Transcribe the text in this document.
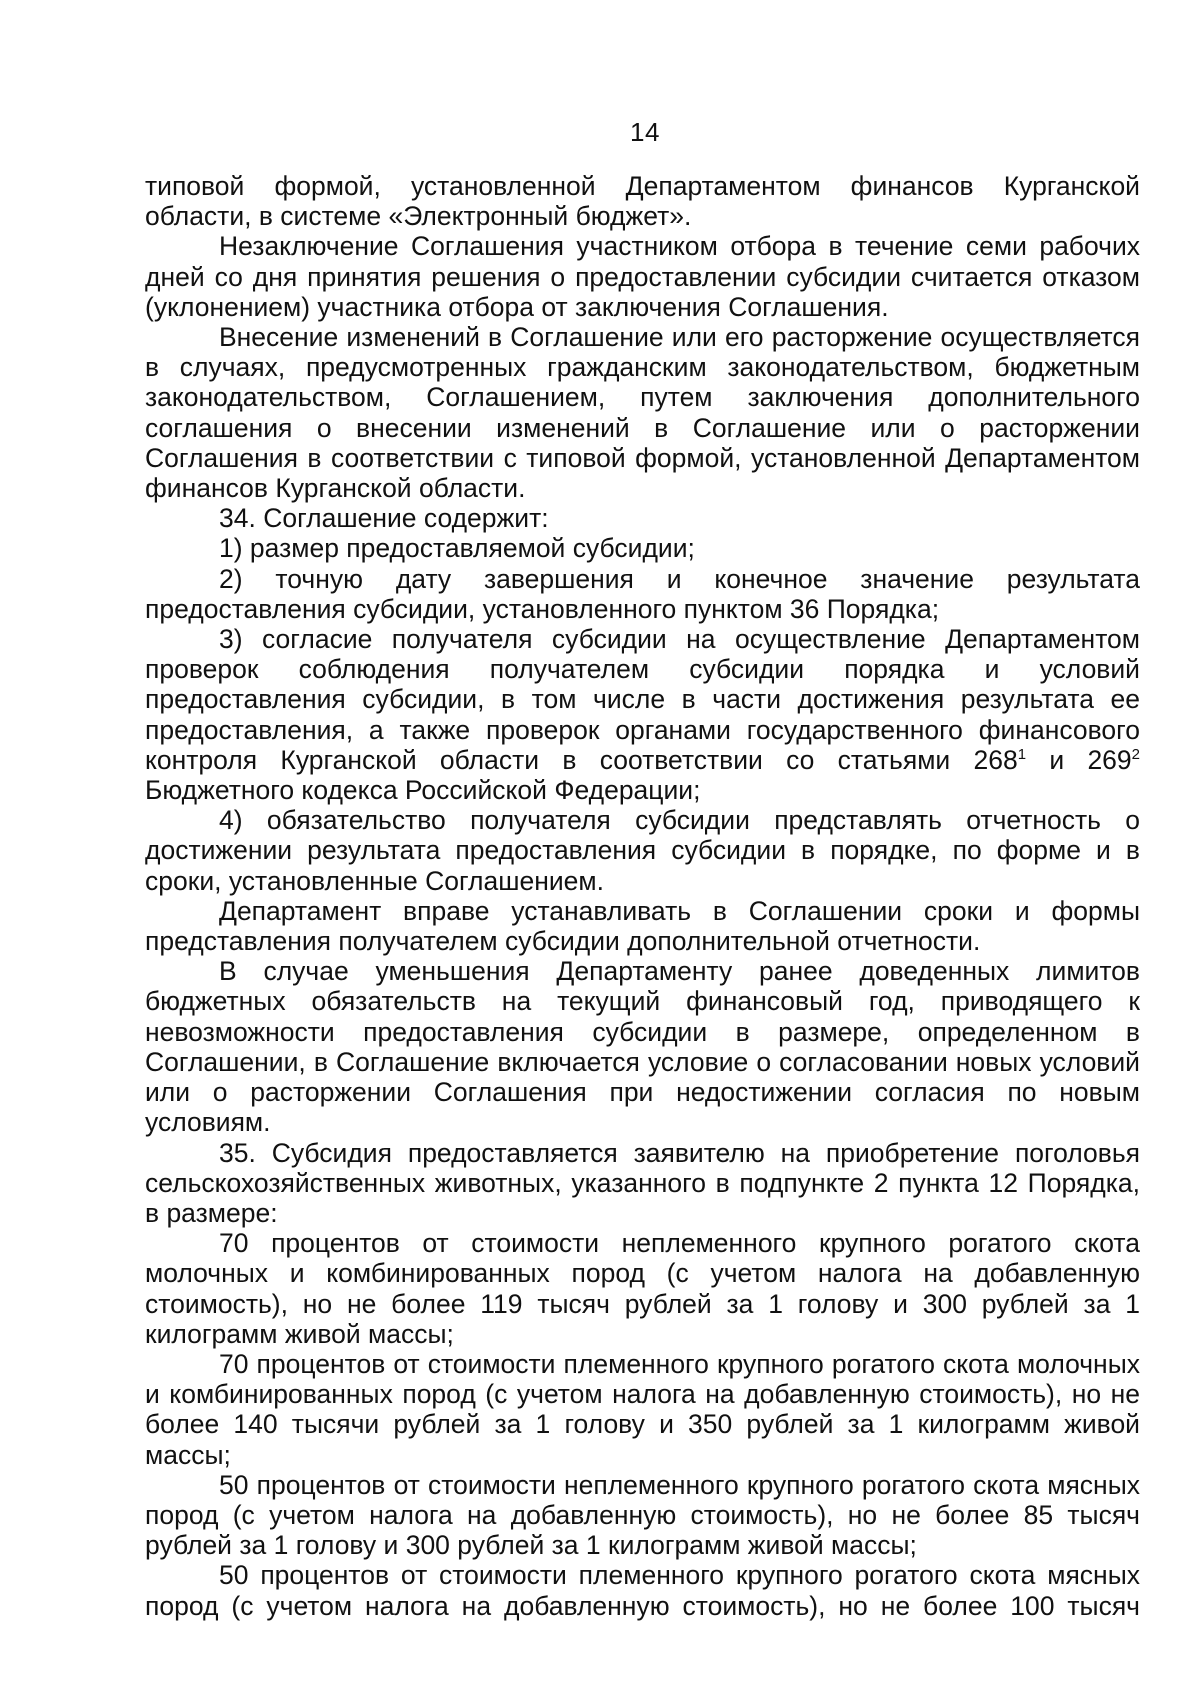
14

типовой формой, установленной Департаментом финансов Курганской области, в системе «Электронный бюджет».

Незаключение Соглашения участником отбора в течение семи рабочих дней со дня принятия решения о предоставлении субсидии считается отказом (уклонением) участника отбора от заключения Соглашения.

Внесение изменений в Соглашение или его расторжение осуществляется в случаях, предусмотренных гражданским законодательством, бюджетным законодательством, Соглашением, путем заключения дополнительного соглашения о внесении изменений в Соглашение или о расторжении Соглашения в соответствии с типовой формой, установленной Департаментом финансов Курганской области.

34. Соглашение содержит:

1) размер предоставляемой субсидии;

2) точную дату завершения и конечное значение результата предоставления субсидии, установленного пунктом 36 Порядка;

3) согласие получателя субсидии на осуществление Департаментом проверок соблюдения получателем субсидии порядка и условий предоставления субсидии, в том числе в части достижения результата ее предоставления, а также проверок органами государственного финансового контроля Курганской области в соответствии со статьями $268^1$ и $269^2$ Бюджетного кодекса Российской Федерации;

4) обязательство получателя субсидии представлять отчетность о достижении результата предоставления субсидии в порядке, по форме и в сроки, установленные Соглашением.

Департамент вправе устанавливать в Соглашении сроки и формы представления получателем субсидии дополнительной отчетности.

В случае уменьшения Департаменту ранее доведенных лимитов бюджетных обязательств на текущий финансовый год, приводящего к невозможности предоставления субсидии в размере, определенном в Соглашении, в Соглашение включается условие о согласовании новых условий или о расторжении Соглашения при недостижении согласия по новым условиям.

35. Субсидия предоставляется заявителю на приобретение поголовья сельскохозяйственных животных, указанного в подпункте 2 пункта 12 Порядка, в размере:

70 процентов от стоимости неплеменного крупного рогатого скота молочных и комбинированных пород (с учетом налога на добавленную стоимость), но не более 119 тысяч рублей за 1 голову и 300 рублей за 1 килограмм живой массы;

70 процентов от стоимости племенного крупного рогатого скота молочных и комбинированных пород (с учетом налога на добавленную стоимость), но не более 140 тысячи рублей за 1 голову и 350 рублей за 1 килограмм живой массы;

50 процентов от стоимости неплеменного крупного рогатого скота мясных пород (с учетом налога на добавленную стоимость), но не более 85 тысяч рублей за 1 голову и 300 рублей за 1 килограмм живой массы;

50 процентов от стоимости племенного крупного рогатого скота мясных пород (с учетом налога на добавленную стоимость), но не более 100 тысяч
